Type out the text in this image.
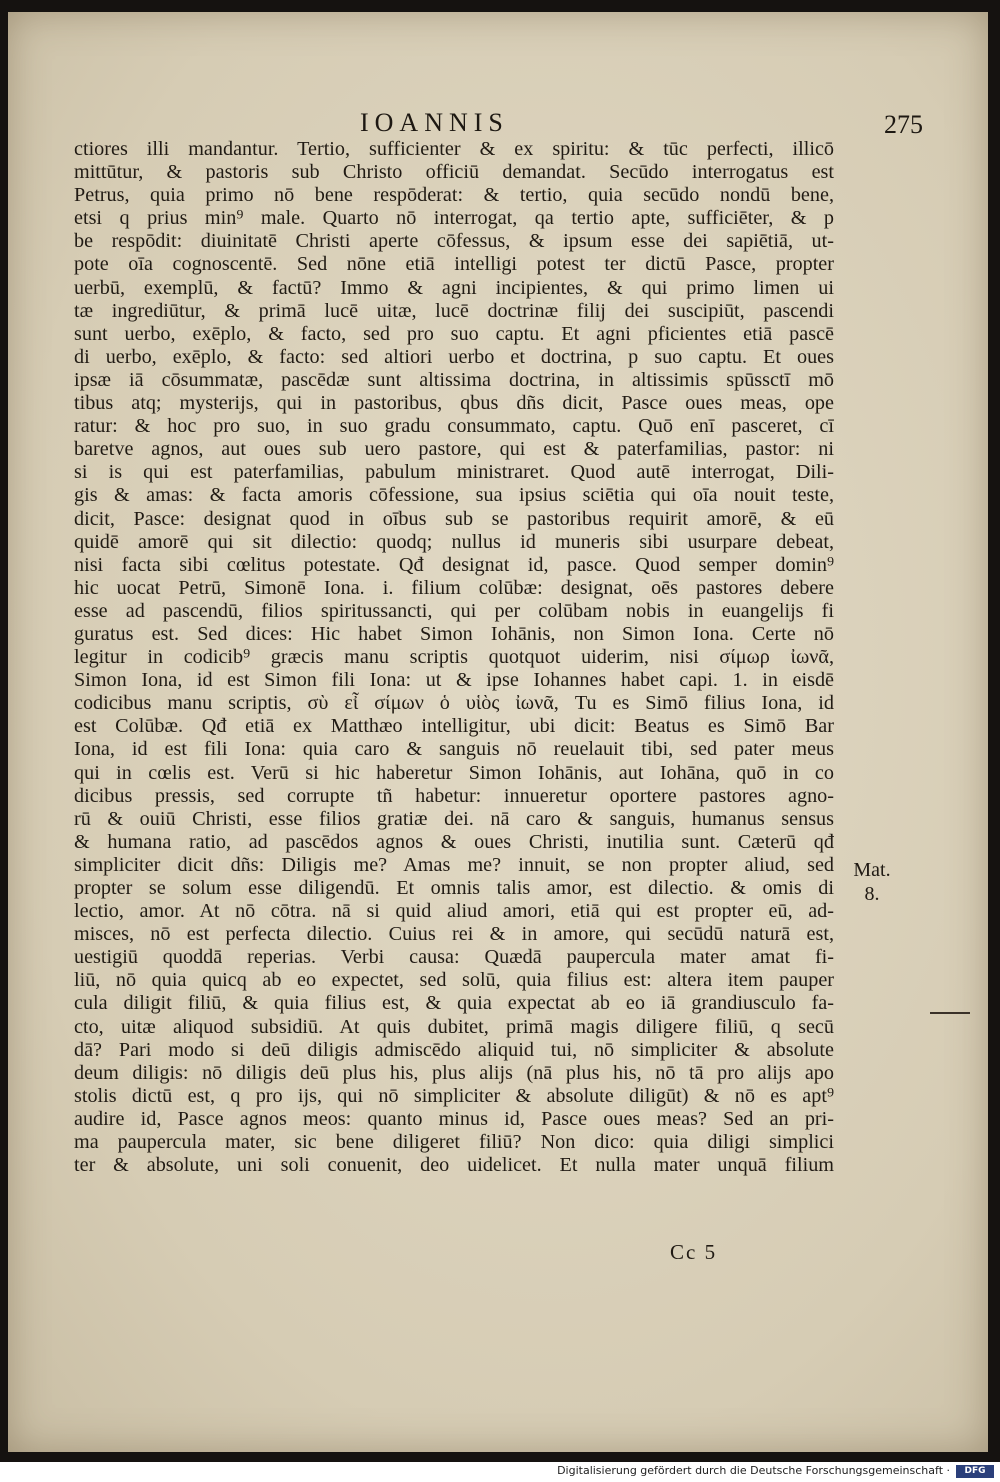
IOANNIS	275
ctiores illi mandantur. Tertio, sufficienter & ex spiritu: & tūc perfecti, illicō
mittūtur, & pastoris sub Christo officiū demandat. Secūdo interrogatus est
Petrus, quia primo nō bene respōderat: & tertio, quia secūdo nondū bene,
etsi q prius min⁹ male. Quarto nō interrogat, qa tertio apte, sufficiēter, & p
be respōdit: diuinitatē Christi aperte cōfessus, & ipsum esse dei sapiētiā, ut-
pote oīa cognoscentē. Sed nōne etiā intelligi potest ter dictū Pasce, propter
uerbū, exemplū, & factū? Immo & agni incipientes, & qui primo limen ui
tæ ingrediūtur, & primā lucē uitæ, lucē doctrinæ filij dei suscipiūt, pascendi
sunt uerbo, exēplo, & facto, sed pro suo captu. Et agni pficientes etiā pascē
di uerbo, exēplo, & facto: sed altiori uerbo et doctrina, p suo captu. Et oues
ipsæ iā cōsummatæ, pascēdæ sunt altissima doctrina, in altissimis spūssctī mō
tibus atq; mysterijs, qui in pastoribus, qbus dñs dicit, Pasce oues meas, ope
ratur: & hoc pro suo, in suo gradu consummato, captu. Quō enī pasceret, cī
baretve agnos, aut oues sub uero pastore, qui est & paterfamilias, pastor: ni
si is qui est paterfamilias, pabulum ministraret. Quod autē interrogat, Dili-
gis & amas: & facta amoris cōfessione, sua ipsius sciētia qui oīa nouit teste,
dicit, Pasce: designat quod in oībus sub se pastoribus requirit amorē, & eū
quidē amorē qui sit dilectio: quodq; nullus id muneris sibi usurpare debeat,
nisi facta sibi cœlitus potestate. Qđ designat id, pasce. Quod semper domin⁹
hic uocat Petrū, Simonē Iona. i. filium colūbæ: designat, oēs pastores debere
esse ad pascendū, filios spiritussancti, qui per colūbam nobis in euangelijs fi
guratus est. Sed dices: Hic habet Simon Iohānis, non Simon Iona. Certe nō
legitur in codicib⁹ græcis manu scriptis quotquot uiderim, nisi σίμωρ ἰωνᾶ,
Simon Iona, id est Simon fili Iona: ut & ipse Iohannes habet capi. 1. in eisdē
codicibus manu scriptis, σὺ εἶ σίμων ὁ υἱὸς ἰωνᾶ, Tu es Simō filius Iona, id
est Colūbæ. Qđ etiā ex Matthæo intelligitur, ubi dicit: Beatus es Simō Bar
Iona, id est fili Iona: quia caro & sanguis nō reuelauit tibi, sed pater meus
qui in cœlis est. Verū si hic haberetur Simon Iohānis, aut Iohāna, quō in co
dicibus pressis, sed corrupte tñ habetur: innueretur oportere pastores agno-
rū & ouiū Christi, esse filios gratiæ dei. nā caro & sanguis, humanus sensus
& humana ratio, ad pascēdos agnos & oues Christi, inutilia sunt. Cæterū qđ
simpliciter dicit dñs: Diligis me? Amas me? innuit, se non propter aliud, sed
propter se solum esse diligendū. Et omnis talis amor, est dilectio. & omis di
lectio, amor. At nō cōtra. nā si quid aliud amori, etiā qui est propter eū, ad-
misces, nō est perfecta dilectio. Cuius rei & in amore, qui secūdū naturā est,
uestigiū quoddā reperias. Verbi causa: Quædā paupercula mater amat fi-
liū, nō quia quicq ab eo expectet, sed solū, quia filius est: altera item pauper
cula diligit filiū, & quia filius est, & quia expectat ab eo iā grandiusculo fa-
cto, uitæ aliquod subsidiū. At quis dubitet, primā magis diligere filiū, q secū
dā? Pari modo si deū diligis admiscēdo aliquid tui, nō simpliciter & absolute
deum diligis: nō diligis deū plus his, plus alijs (nā plus his, nō tā pro alijs apo
stolis dictū est, q pro ijs, qui nō simpliciter & absolute diligūt) & nō es apt⁹
audire id, Pasce agnos meos: quanto minus id, Pasce oues meas? Sed an pri-
ma paupercula mater, sic bene diligeret filiū? Non dico: quia diligi simplici
ter & absolute, uni soli conuenit, deo uidelicet. Et nulla mater unquā filium
Mat.
8.
Cc 5
Digitalisierung gefördert durch die Deutsche Forschungsgemeinschaft ·	DFG
